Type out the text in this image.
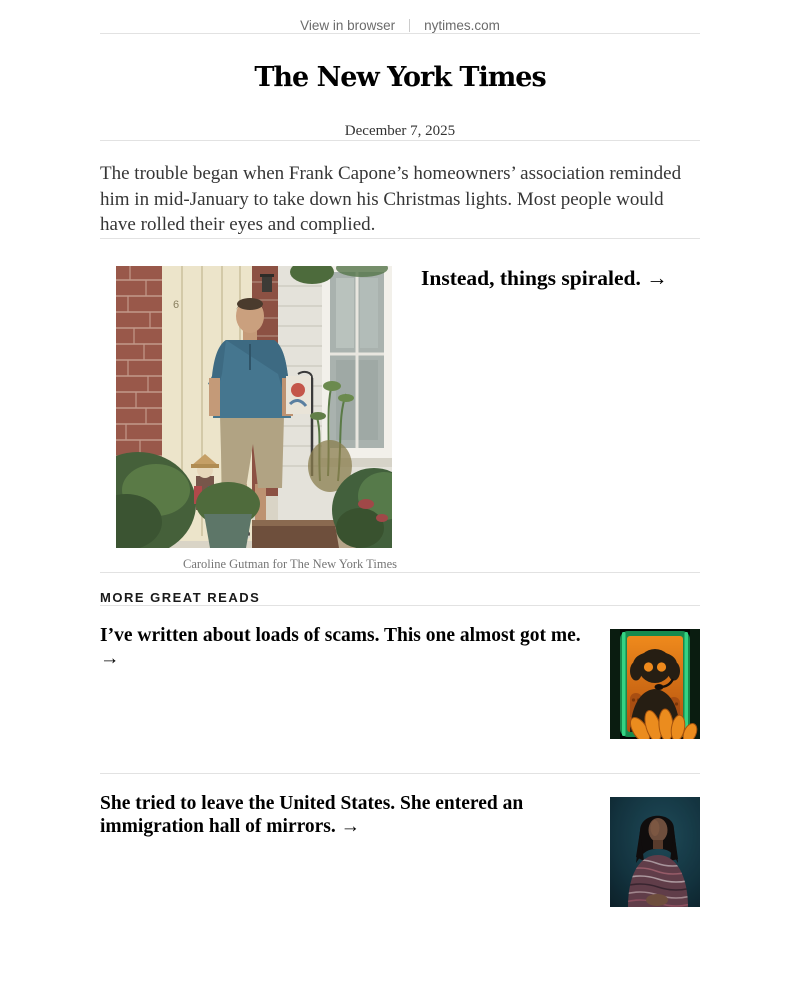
View in browser nytimes.com
The New York Times
December 7, 2025

The trouble began when Frank Capone’s homeowners’ association reminded him in mid-January to take down his Christmas lights. Most people would have rolled their eyes and complied.

6
Caroline Gutman for The New York Times
Instead, things spiraled. →
MORE GREAT READS
I’ve written about loads of scams. This one almost got me. →
She tried to leave the United States. She entered an immigration hall of mirrors. →
